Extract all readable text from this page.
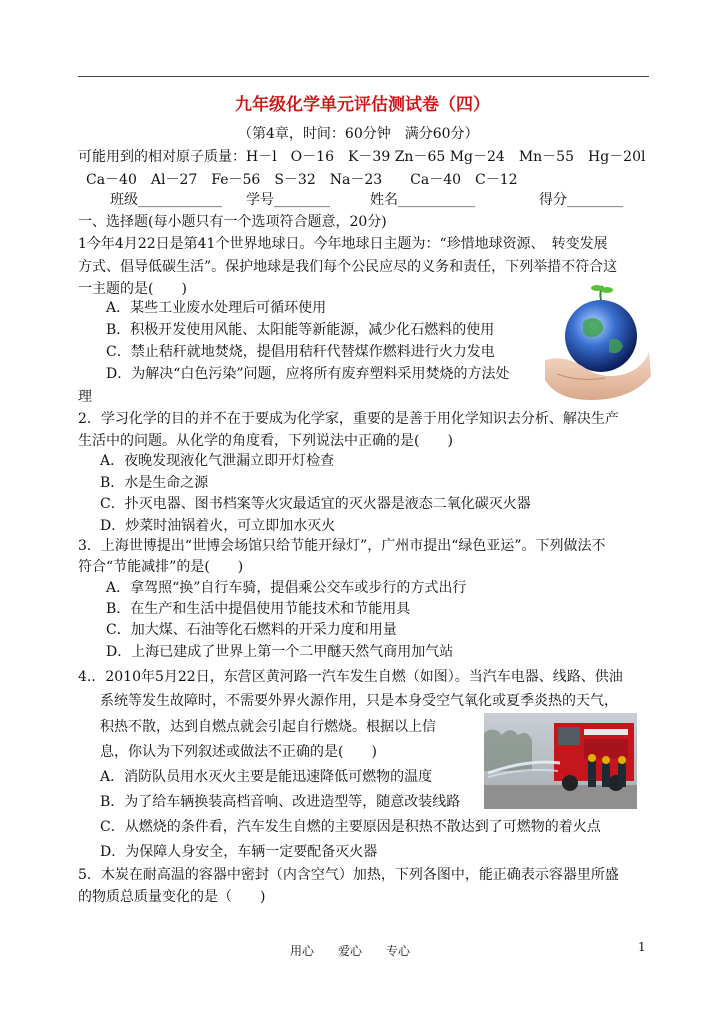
九年级化学单元评估测试卷（四）
（第4章，时间：60分钟　满分60分）
可能用到的相对原子质量：H－l　O－16　K－39 Zn－65 Mg－24　Mn－55　Hg－20l
Ca－40　Al－27　Fe－56　S－32　Na－23　　Ca－40　C－12
班级____________ 学号________	姓名___________	得分________
一、选择题(每小题只有一个选项符合题意，20分)
1今年4月22日是第41个世界地球日。今年地球日主题为：“珍惜地球资源、　转变发展
方式、倡导低碳生活”。保护地球是我们每个公民应尽的义务和责任，下列举措不符合这
一主题的是(　　)
A．某些工业废水处理后可循环使用
B．积极开发使用风能、太阳能等新能源，减少化石燃料的使用
C．禁止秸秆就地焚烧，提倡用秸秆代替煤作燃料进行火力发电
D．为解决“白色污染”问题，应将所有废弃塑料采用焚烧的方法处
理
2．学习化学的目的并不在于要成为化学家，重要的是善于用化学知识去分析、解决生产
生活中的问题。从化学的角度看，下列说法中正确的是(　　)
A．夜晚发现液化气泄漏立即开灯检查
B．水是生命之源
C．扑灭电器、图书档案等火灾最适宜的灭火器是液态二氧化碳灭火器
D．炒菜时油锅着火，可立即加水灭火
3．上海世博提出“世博会场馆只给节能开绿灯”，广州市提出“绿色亚运”。下列做法不
符合“节能减排”的是(　　)
A．拿驾照“换”自行车骑，提倡乘公交车或步行的方式出行
B．在生产和生活中提倡使用节能技术和节能用具
C．加大煤、石油等化石燃料的开采力度和用量
D．上海已建成了世界上第一个二甲醚天然气商用加气站
4.．2010年5月22日，东营区黄河路一汽车发生自燃（如图）。当汽车电器、线路、供油
系统等发生故障时，不需要外界火源作用，只是本身受空气氧化或夏季炎热的天气，
积热不散，达到自燃点就会引起自行燃烧。根据以上信
息，你认为下列叙述或做法不正确的是(　　)
A．消防队员用水灭火主要是能迅速降低可燃物的温度
B．为了给车辆换装高档音响、改进造型等，随意改装线路
C．从燃烧的条件看，汽车发生自燃的主要原因是积热不散达到了可燃物的着火点
D．为保障人身安全，车辆一定要配备灭火器
5．木炭在耐高温的容器中密封（内含空气）加热，下列各图中，能正确表示容器里所盛
的物质总质量变化的是（　　)
用心　　爱心　　专心	1
